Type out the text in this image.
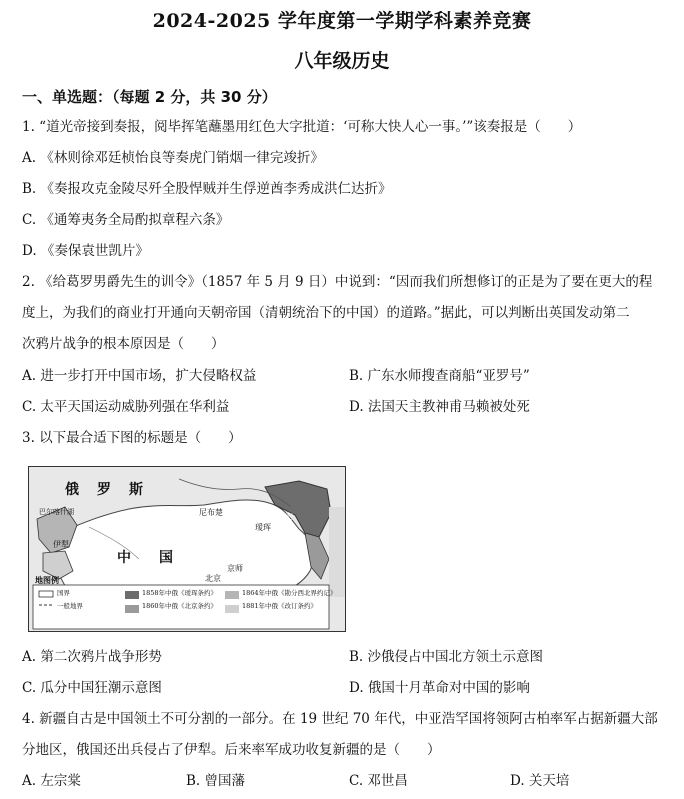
2024-2025 学年度第一学期学科素养竞赛
八年级历史
一、单选题：（每题 2 分，共 30 分）
1. “道光帝接到奏报，阅毕挥笔蘸墨用红色大字批道：‘可称大快人心一事。’”该奏报是（　　）
A. 《林则徐邓廷桢怡良等奏虎门销烟一律完竣折》
B. 《奏报攻克金陵尽歼全股悍贼并生俘逆酋李秀成洪仁达折》
C. 《通筹夷务全局酌拟章程六条》
D. 《奏保袁世凯片》
2. 《给葛罗男爵先生的训令》（1857 年 5 月 9 日）中说到：“因而我们所想修订的正是为了要在更大的程
度上，为我们的商业打开通向天朝帝国（清朝统治下的中国）的道路。”据此，可以判断出英国发动第二
次鸦片战争的根本原因是（　　）
A. 进一步打开中国市场，扩大侵略权益	B. 广东水师搜查商船“亚罗号”
C. 太平天国运动威胁列强在华利益	D. 法国天主教神甫马赖被处死
3. 以下最合适下图的标题是（　　）
俄　罗　斯
中　　国
尼布楚	海兰泡
瑷珲
京师
北京
伊犁
巴尔喀什湖
地图例
国界
一般地界
1858年中俄《瑷珲条约》
1860年中俄《北京条约》
1864年中俄《勘分西北界约记》
1881年中俄《改订条约》
A. 第二次鸦片战争形势	B. 沙俄侵占中国北方领土示意图
C. 瓜分中国狂潮示意图	D. 俄国十月革命对中国的影响
4. 新疆自古是中国领土不可分割的一部分。在 19 世纪 70 年代，中亚浩罕国将领阿古柏率军占据新疆大部
分地区，俄国还出兵侵占了伊犁。后来率军成功收复新疆的是（　　）
A. 左宗棠	B. 曾国藩	C. 邓世昌	D. 关天培
